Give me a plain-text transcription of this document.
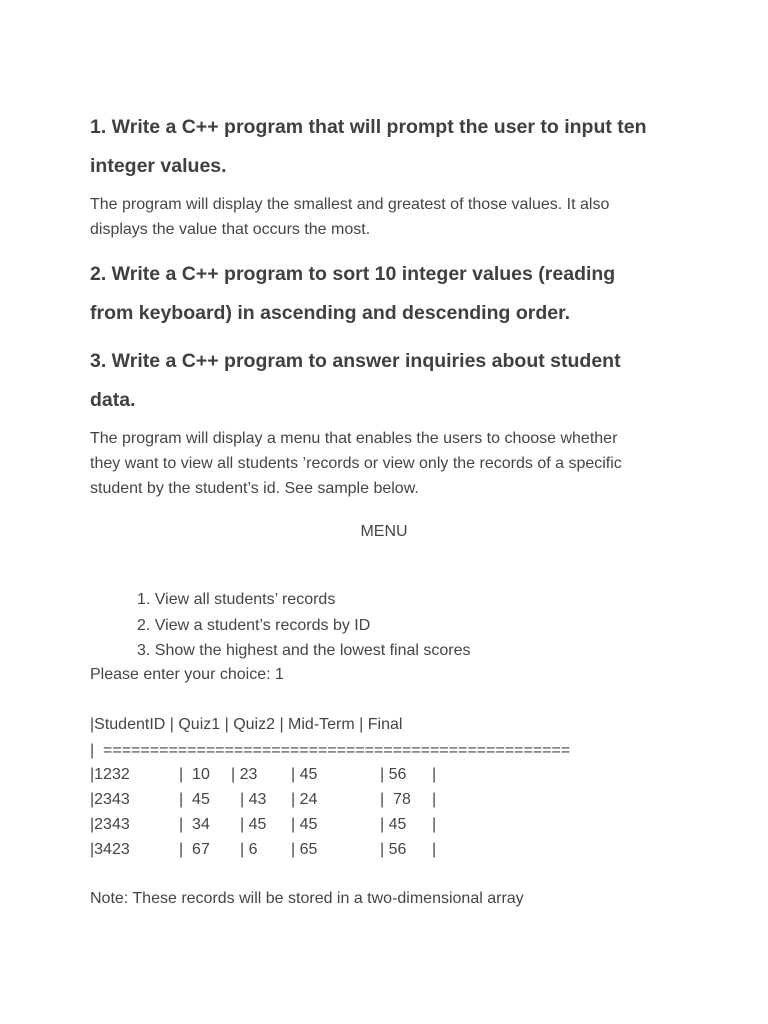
1. Write a C++ program that will prompt the user to input ten
integer values.

The program will display the smallest and greatest of those values. It also
displays the value that occurs the most.

2. Write a C++ program to sort 10 integer values (reading
from keyboard) in ascending and descending order.
3. Write a C++ program to answer inquiries about student
data.

The program will display a menu that enables the users to choose whether
they want to view all students ’records or view only the records of a specific
student by the student’s id. See sample below.

MENU
1. View all students’ records
2. View a student’s records by ID
3. Show the highest and the lowest final scores
Please enter your choice: 1
|StudentID | Quiz1 | Quiz2 | Mid-Term | Final
|  ==================================================
|1232	|  10 | 23 | 45	| 56 |
|2343	|  45 | 43 | 24	|  78 |
|2343	|  34 | 45 | 45	| 45 |
|3423	|  67 | 6 | 65	| 56 |
Note: These records will be stored in a two-dimensional array
